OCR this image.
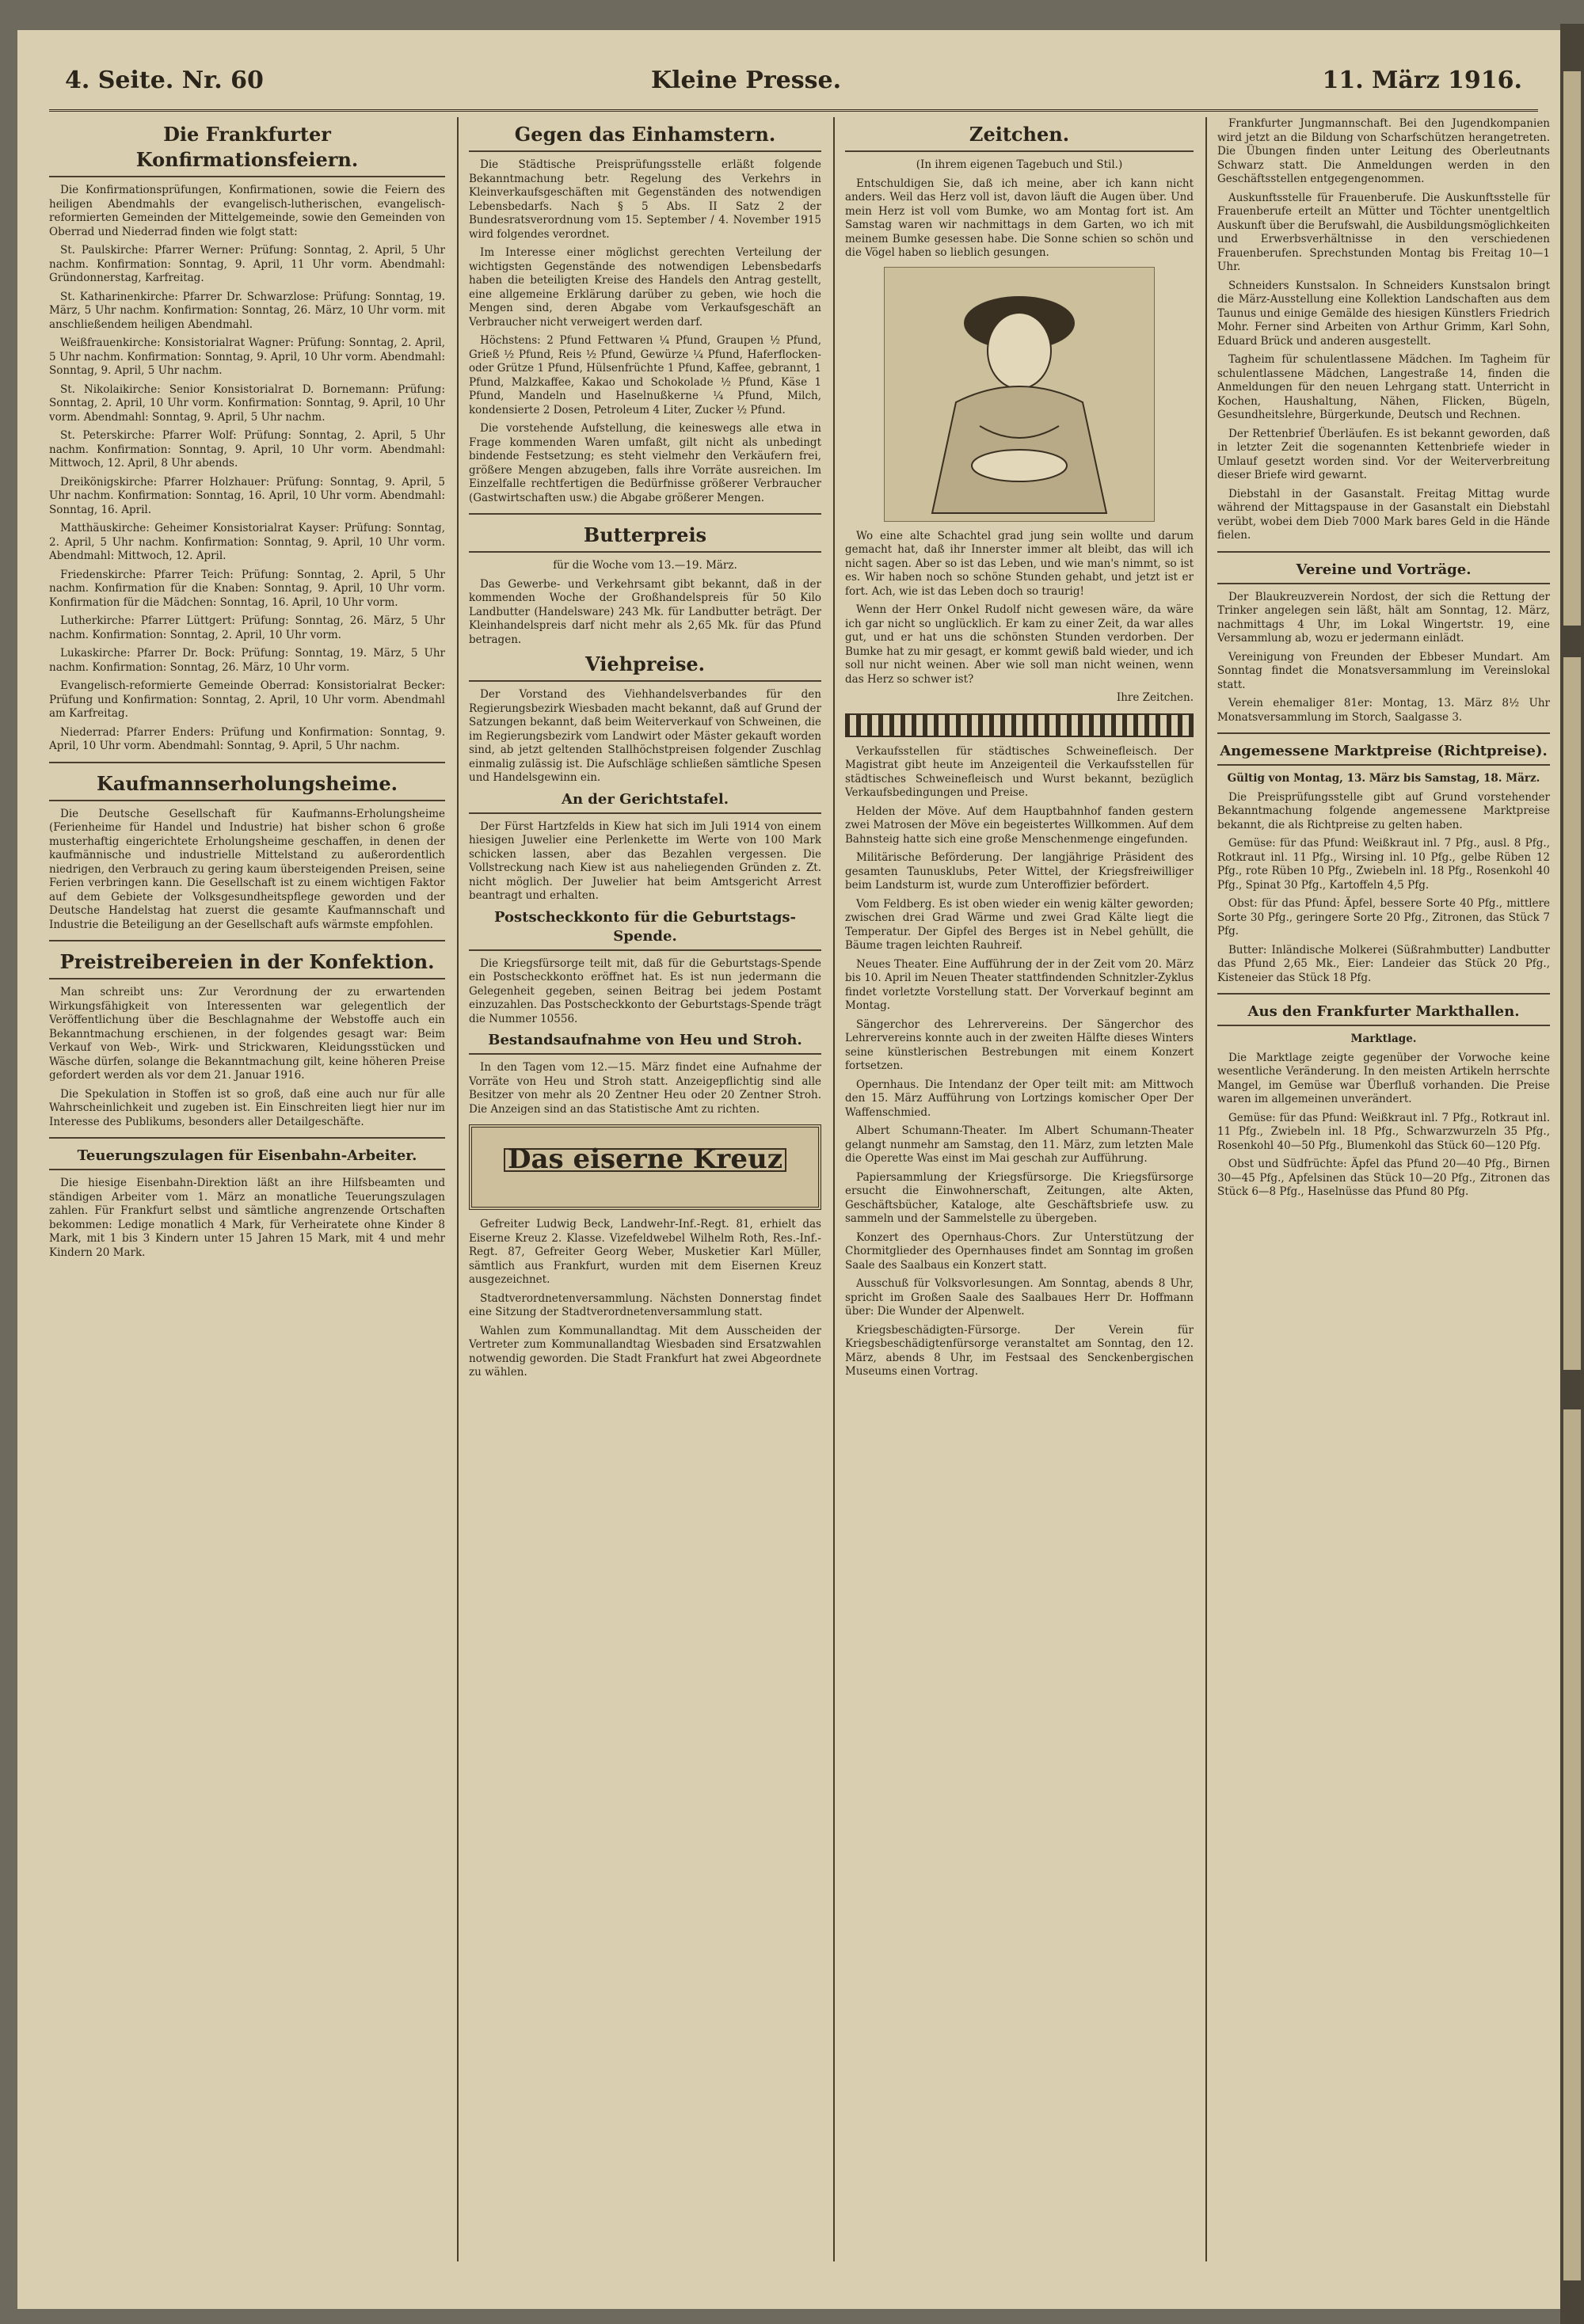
4. Seite. Nr. 60	Kleine Presse.	11. März 1916.
Die Frankfurter Konfirmationsfeiern.

Die Konfirmationsprüfungen, Konfirmationen, sowie die Feiern des heiligen Abendmahls der evangelisch-lutherischen, evangelisch-reformierten Gemeinden der Mittelgemeinde, sowie den Gemeinden von Oberrad und Niederrad finden wie folgt statt:

St. Paulskirche: Pfarrer Werner: Prüfung: Sonntag, 2. April, 5 Uhr nachm. Konfirmation: Sonntag, 9. April, 11 Uhr vorm. Abendmahl: Gründonnerstag, Karfreitag.

St. Katharinenkirche: Pfarrer Dr. Schwarzlose: Prüfung: Sonntag, 19. März, 5 Uhr nachm. Konfirmation: Sonntag, 26. März, 10 Uhr vorm. mit anschließendem heiligen Abendmahl.

Weißfrauenkirche: Konsistorialrat Wagner: Prüfung: Sonntag, 2. April, 5 Uhr nachm. Konfirmation: Sonntag, 9. April, 10 Uhr vorm. Abendmahl: Sonntag, 9. April, 5 Uhr nachm.

St. Nikolaikirche: Senior Konsistorialrat D. Bornemann: Prüfung: Sonntag, 2. April, 10 Uhr vorm. Konfirmation: Sonntag, 9. April, 10 Uhr vorm. Abendmahl: Sonntag, 9. April, 5 Uhr nachm.

St. Peterskirche: Pfarrer Wolf: Prüfung: Sonntag, 2. April, 5 Uhr nachm. Konfirmation: Sonntag, 9. April, 10 Uhr vorm. Abendmahl: Mittwoch, 12. April, 8 Uhr abends.

Dreikönigskirche: Pfarrer Holzhauer: Prüfung: Sonntag, 9. April, 5 Uhr nachm. Konfirmation: Sonntag, 16. April, 10 Uhr vorm. Abendmahl: Sonntag, 16. April.

Matthäuskirche: Geheimer Konsistorialrat Kayser: Prüfung: Sonntag, 2. April, 5 Uhr nachm. Konfirmation: Sonntag, 9. April, 10 Uhr vorm. Abendmahl: Mittwoch, 12. April.

Friedenskirche: Pfarrer Teich: Prüfung: Sonntag, 2. April, 5 Uhr nachm. Konfirmation für die Knaben: Sonntag, 9. April, 10 Uhr vorm. Konfirmation für die Mädchen: Sonntag, 16. April, 10 Uhr vorm.

Lutherkirche: Pfarrer Lüttgert: Prüfung: Sonntag, 26. März, 5 Uhr nachm. Konfirmation: Sonntag, 2. April, 10 Uhr vorm.

Lukaskirche: Pfarrer Dr. Bock: Prüfung: Sonntag, 19. März, 5 Uhr nachm. Konfirmation: Sonntag, 26. März, 10 Uhr vorm.

Evangelisch-reformierte Gemeinde Oberrad: Konsistorialrat Becker: Prüfung und Konfirmation: Sonntag, 2. April, 10 Uhr vorm. Abendmahl am Karfreitag.

Niederrad: Pfarrer Enders: Prüfung und Konfirmation: Sonntag, 9. April, 10 Uhr vorm. Abendmahl: Sonntag, 9. April, 5 Uhr nachm.

Kaufmannserholungsheime.

Die Deutsche Gesellschaft für Kaufmanns-Erholungsheime (Ferienheime für Handel und Industrie) hat bisher schon 6 große musterhaftig eingerichtete Erholungsheime geschaffen, in denen der kaufmännische und industrielle Mittelstand zu außerordentlich niedrigen, den Verbrauch zu gering kaum übersteigenden Preisen, seine Ferien verbringen kann. Die Gesellschaft ist zu einem wichtigen Faktor auf dem Gebiete der Volksgesundheitspflege geworden und der Deutsche Handelstag hat zuerst die gesamte Kaufmannschaft und Industrie die Beteiligung an der Gesellschaft aufs wärmste empfohlen.

Preistreibereien in der Konfektion.

Man schreibt uns: Zur Verordnung der zu erwartenden Wirkungsfähigkeit von Interessenten war gelegentlich der Veröffentlichung über die Beschlagnahme der Webstoffe auch ein Bekanntmachung erschienen, in der folgendes gesagt war: Beim Verkauf von Web-, Wirk- und Strickwaren, Kleidungsstücken und Wäsche dürfen, solange die Bekanntmachung gilt, keine höheren Preise gefordert werden als vor dem 21. Januar 1916.

Die Spekulation in Stoffen ist so groß, daß eine auch nur für alle Wahrscheinlichkeit und zugeben ist. Ein Einschreiten liegt hier nur im Interesse des Publikums, besonders aller Detailgeschäfte.

Teuerungszulagen für Eisenbahn-Arbeiter.

Die hiesige Eisenbahn-Direktion läßt an ihre Hilfsbeamten und ständigen Arbeiter vom 1. März an monatliche Teuerungszulagen zahlen. Für Frankfurt selbst und sämtliche angrenzende Ortschaften bekommen: Ledige monatlich 4 Mark, für Verheiratete ohne Kinder 8 Mark, mit 1 bis 3 Kindern unter 15 Jahren 15 Mark, mit 4 und mehr Kindern 20 Mark.

Gegen das Einhamstern.

Die Städtische Preisprüfungsstelle erläßt folgende Bekanntmachung betr. Regelung des Verkehrs in Kleinverkaufsgeschäften mit Gegenständen des notwendigen Lebensbedarfs. Nach § 5 Abs. II Satz 2 der Bundesratsverordnung vom 15. September / 4. November 1915 wird folgendes verordnet.

Im Interesse einer möglichst gerechten Verteilung der wichtigsten Gegenstände des notwendigen Lebensbedarfs haben die beteiligten Kreise des Handels den Antrag gestellt, eine allgemeine Erklärung darüber zu geben, wie hoch die Mengen sind, deren Abgabe vom Verkaufsgeschäft an Verbraucher nicht verweigert werden darf.

Höchstens: 2 Pfund Fettwaren ¼ Pfund, Graupen ½ Pfund, Grieß ½ Pfund, Reis ½ Pfund, Gewürze ¼ Pfund, Haferflocken- oder Grütze 1 Pfund, Hülsenfrüchte 1 Pfund, Kaffee, gebrannt, 1 Pfund, Malzkaffee, Kakao und Schokolade ½ Pfund, Käse 1 Pfund, Mandeln und Haselnußkerne ¼ Pfund, Milch, kondensierte 2 Dosen, Petroleum 4 Liter, Zucker ½ Pfund.

Die vorstehende Aufstellung, die keineswegs alle etwa in Frage kommenden Waren umfaßt, gilt nicht als unbedingt bindende Festsetzung; es steht vielmehr den Verkäufern frei, größere Mengen abzugeben, falls ihre Vorräte ausreichen. Im Einzelfalle rechtfertigen die Bedürfnisse größerer Verbraucher (Gastwirtschaften usw.) die Abgabe größerer Mengen.

Butterpreis

für die Woche vom 13.—19. März.

Das Gewerbe- und Verkehrsamt gibt bekannt, daß in der kommenden Woche der Großhandelspreis für 50 Kilo Landbutter (Handelsware) 243 Mk. für Landbutter beträgt. Der Kleinhandelspreis darf nicht mehr als 2,65 Mk. für das Pfund betragen.

Viehpreise.

Der Vorstand des Viehhandelsverbandes für den Regierungsbezirk Wiesbaden macht bekannt, daß auf Grund der Satzungen bekannt, daß beim Weiterverkauf von Schweinen, die im Regierungsbezirk vom Landwirt oder Mäster gekauft worden sind, ab jetzt geltenden Stallhöchstpreisen folgender Zuschlag einmalig zulässig ist. Die Aufschläge schließen sämtliche Spesen und Handelsgewinn ein.

An der Gerichtstafel.

Der Fürst Hartzfelds in Kiew hat sich im Juli 1914 von einem hiesigen Juwelier eine Perlenkette im Werte von 100 Mark schicken lassen, aber das Bezahlen vergessen. Die Vollstreckung nach Kiew ist aus naheliegenden Gründen z. Zt. nicht möglich. Der Juwelier hat beim Amtsgericht Arrest beantragt und erhalten.

Postscheckkonto für die Geburtstags-Spende.

Die Kriegsfürsorge teilt mit, daß für die Geburtstags-Spende ein Postscheckkonto eröffnet hat. Es ist nun jedermann die Gelegenheit gegeben, seinen Beitrag bei jedem Postamt einzuzahlen. Das Postscheckkonto der Geburtstags-Spende trägt die Nummer 10556.

Bestandsaufnahme von Heu und Stroh.

In den Tagen vom 12.—15. März findet eine Aufnahme der Vorräte von Heu und Stroh statt. Anzeigepflichtig sind alle Besitzer von mehr als 20 Zentner Heu oder 20 Zentner Stroh. Die Anzeigen sind an das Statistische Amt zu richten.

Das eiserne Kreuz

Gefreiter Ludwig Beck, Landwehr-Inf.-Regt. 81, erhielt das Eiserne Kreuz 2. Klasse. Vizefeldwebel Wilhelm Roth, Res.-Inf.-Regt. 87, Gefreiter Georg Weber, Musketier Karl Müller, sämtlich aus Frankfurt, wurden mit dem Eisernen Kreuz ausgezeichnet.

Stadtverordnetenversammlung. Nächsten Donnerstag findet eine Sitzung der Stadtverordnetenversammlung statt.

Wahlen zum Kommunallandtag. Mit dem Ausscheiden der Vertreter zum Kommunallandtag Wiesbaden sind Ersatzwahlen notwendig geworden. Die Stadt Frankfurt hat zwei Abgeordnete zu wählen.

Zeitchen.

(In ihrem eigenen Tagebuch und Stil.)

Entschuldigen Sie, daß ich meine, aber ich kann nicht anders. Weil das Herz voll ist, davon läuft die Augen über. Und mein Herz ist voll vom Bumke, wo am Montag fort ist. Am Samstag waren wir nachmittags in dem Garten, wo ich mit meinem Bumke gesessen habe. Die Sonne schien so schön und die Vögel haben so lieblich gesungen.

Wo eine alte Schachtel grad jung sein wollte und darum gemacht hat, daß ihr Innerster immer alt bleibt, das will ich nicht sagen. Aber so ist das Leben, und wie man's nimmt, so ist es. Wir haben noch so schöne Stunden gehabt, und jetzt ist er fort. Ach, wie ist das Leben doch so traurig!

Wenn der Herr Onkel Rudolf nicht gewesen wäre, da wäre ich gar nicht so unglücklich. Er kam zu einer Zeit, da war alles gut, und er hat uns die schönsten Stunden verdorben. Der Bumke hat zu mir gesagt, er kommt gewiß bald wieder, und ich soll nur nicht weinen. Aber wie soll man nicht weinen, wenn das Herz so schwer ist?

Ihre Zeitchen.

Verkaufsstellen für städtisches Schweinefleisch. Der Magistrat gibt heute im Anzeigenteil die Verkaufsstellen für städtisches Schweinefleisch und Wurst bekannt, bezüglich Verkaufsbedingungen und Preise.

Helden der Möve. Auf dem Hauptbahnhof fanden gestern zwei Matrosen der Möve ein begeistertes Willkommen. Auf dem Bahnsteig hatte sich eine große Menschenmenge eingefunden.

Militärische Beförderung. Der langjährige Präsident des gesamten Taunusklubs, Peter Wittel, der Kriegsfreiwilliger beim Landsturm ist, wurde zum Unteroffizier befördert.

Vom Feldberg. Es ist oben wieder ein wenig kälter geworden; zwischen drei Grad Wärme und zwei Grad Kälte liegt die Temperatur. Der Gipfel des Berges ist in Nebel gehüllt, die Bäume tragen leichten Rauhreif.

Neues Theater. Eine Aufführung der in der Zeit vom 20. März bis 10. April im Neuen Theater stattfindenden Schnitzler-Zyklus findet vorletzte Vorstellung statt. Der Vorverkauf beginnt am Montag.

Sängerchor des Lehrervereins. Der Sängerchor des Lehrervereins konnte auch in der zweiten Hälfte dieses Winters seine künstlerischen Bestrebungen mit einem Konzert fortsetzen.

Opernhaus. Die Intendanz der Oper teilt mit: am Mittwoch den 15. März Aufführung von Lortzings komischer Oper Der Waffenschmied.

Albert Schumann-Theater. Im Albert Schumann-Theater gelangt nunmehr am Samstag, den 11. März, zum letzten Male die Operette Was einst im Mai geschah zur Aufführung.

Papiersammlung der Kriegsfürsorge. Die Kriegsfürsorge ersucht die Einwohnerschaft, Zeitungen, alte Akten, Geschäftsbücher, Kataloge, alte Geschäftsbriefe usw. zu sammeln und der Sammelstelle zu übergeben.

Konzert des Opernhaus-Chors. Zur Unterstützung der Chormitglieder des Opernhauses findet am Sonntag im großen Saale des Saalbaus ein Konzert statt.

Ausschuß für Volksvorlesungen. Am Sonntag, abends 8 Uhr, spricht im Großen Saale des Saalbaues Herr Dr. Hoffmann über: Die Wunder der Alpenwelt.

Kriegsbeschädigten-Fürsorge. Der Verein für Kriegsbeschädigtenfürsorge veranstaltet am Sonntag, den 12. März, abends 8 Uhr, im Festsaal des Senckenbergischen Museums einen Vortrag.

Frankfurter Jungmannschaft. Bei den Jugendkompanien wird jetzt an die Bildung von Scharfschützen herangetreten. Die Übungen finden unter Leitung des Oberleutnants Schwarz statt. Die Anmeldungen werden in den Geschäftsstellen entgegengenommen.

Auskunftsstelle für Frauenberufe. Die Auskunftsstelle für Frauenberufe erteilt an Mütter und Töchter unentgeltlich Auskunft über die Berufswahl, die Ausbildungsmöglichkeiten und Erwerbsverhältnisse in den verschiedenen Frauenberufen. Sprechstunden Montag bis Freitag 10—1 Uhr.

Schneiders Kunstsalon. In Schneiders Kunstsalon bringt die März-Ausstellung eine Kollektion Landschaften aus dem Taunus und einige Gemälde des hiesigen Künstlers Friedrich Mohr. Ferner sind Arbeiten von Arthur Grimm, Karl Sohn, Eduard Brück und anderen ausgestellt.

Tagheim für schulentlassene Mädchen. Im Tagheim für schulentlassene Mädchen, Langestraße 14, finden die Anmeldungen für den neuen Lehrgang statt. Unterricht in Kochen, Haushaltung, Nähen, Flicken, Bügeln, Gesundheitslehre, Bürgerkunde, Deutsch und Rechnen.

Der Rettenbrief Überläufen. Es ist bekannt geworden, daß in letzter Zeit die sogenannten Kettenbriefe wieder in Umlauf gesetzt worden sind. Vor der Weiterverbreitung dieser Briefe wird gewarnt.

Diebstahl in der Gasanstalt. Freitag Mittag wurde während der Mittagspause in der Gasanstalt ein Diebstahl verübt, wobei dem Dieb 7000 Mark bares Geld in die Hände fielen.

Vereine und Vorträge.

Der Blaukreuzverein Nordost, der sich die Rettung der Trinker angelegen sein läßt, hält am Sonntag, 12. März, nachmittags 4 Uhr, im Lokal Wingertstr. 19, eine Versammlung ab, wozu er jedermann einlädt.

Vereinigung von Freunden der Ebbeser Mundart. Am Sonntag findet die Monatsversammlung im Vereinslokal statt.

Verein ehemaliger 81er: Montag, 13. März 8½ Uhr Monatsversammlung im Storch, Saalgasse 3.

Angemessene Marktpreise (Richtpreise).

Gültig von Montag, 13. März bis Samstag, 18. März.

Die Preisprüfungsstelle gibt auf Grund vorstehender Bekanntmachung folgende angemessene Marktpreise bekannt, die als Richtpreise zu gelten haben.

Gemüse: für das Pfund: Weißkraut inl. 7 Pfg., ausl. 8 Pfg., Rotkraut inl. 11 Pfg., Wirsing inl. 10 Pfg., gelbe Rüben 12 Pfg., rote Rüben 10 Pfg., Zwiebeln inl. 18 Pfg., Rosenkohl 40 Pfg., Spinat 30 Pfg., Kartoffeln 4,5 Pfg.

Obst: für das Pfund: Äpfel, bessere Sorte 40 Pfg., mittlere Sorte 30 Pfg., geringere Sorte 20 Pfg., Zitronen, das Stück 7 Pfg.

Butter: Inländische Molkerei (Süßrahmbutter) Landbutter das Pfund 2,65 Mk., Eier: Landeier das Stück 20 Pfg., Kisteneier das Stück 18 Pfg.

Aus den Frankfurter Markthallen.

Marktlage.

Die Marktlage zeigte gegenüber der Vorwoche keine wesentliche Veränderung. In den meisten Artikeln herrschte Mangel, im Gemüse war Überfluß vorhanden. Die Preise waren im allgemeinen unverändert.

Gemüse: für das Pfund: Weißkraut inl. 7 Pfg., Rotkraut inl. 11 Pfg., Zwiebeln inl. 18 Pfg., Schwarzwurzeln 35 Pfg., Rosenkohl 40—50 Pfg., Blumenkohl das Stück 60—120 Pfg.

Obst und Südfrüchte: Äpfel das Pfund 20—40 Pfg., Birnen 30—45 Pfg., Apfelsinen das Stück 10—20 Pfg., Zitronen das Stück 6—8 Pfg., Haselnüsse das Pfund 80 Pfg.
